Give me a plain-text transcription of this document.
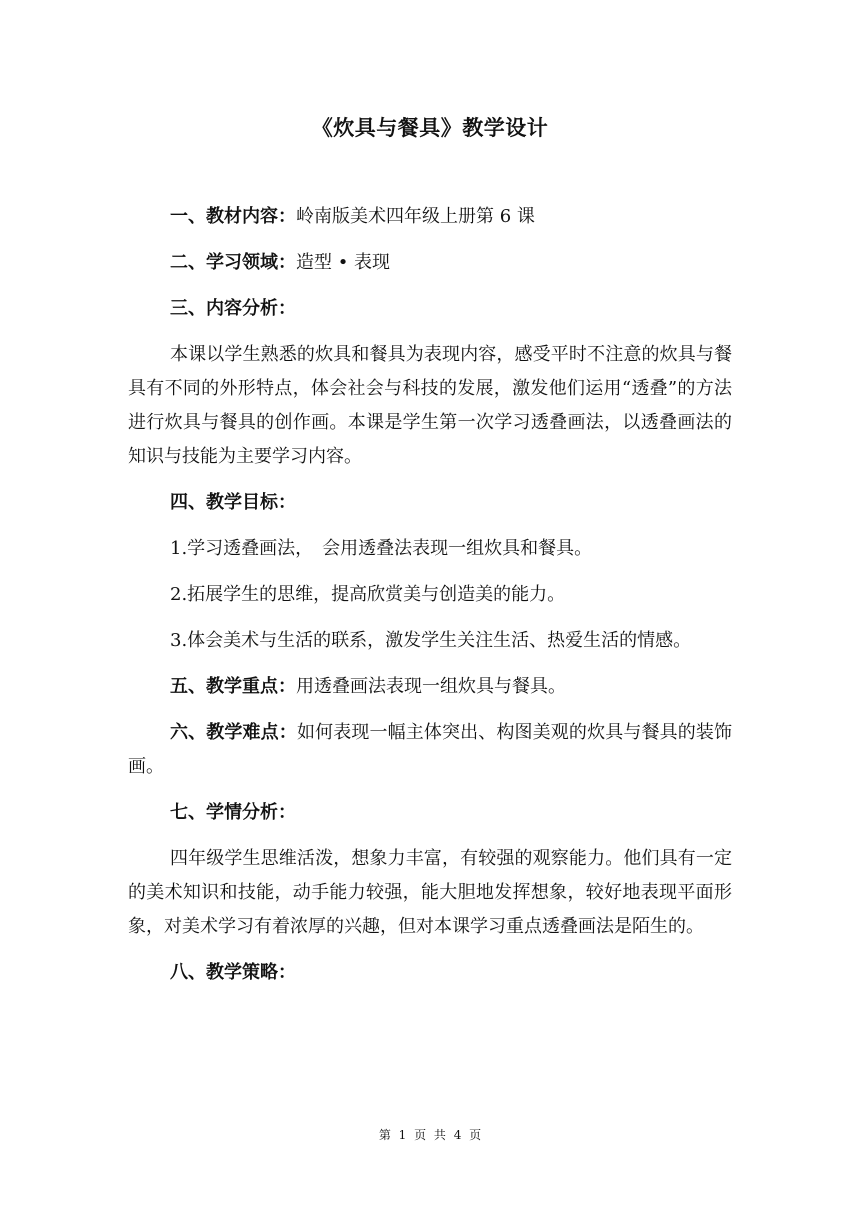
《炊具与餐具》教学设计

一、教材内容：岭南版美术四年级上册第 6 课

二、学习领域：造型 • 表现

三、内容分析：

本课以学生熟悉的炊具和餐具为表现内容，感受平时不注意的炊具与餐具有不同的外形特点，体会社会与科技的发展，激发他们运用“透叠”的方法进行炊具与餐具的创作画。本课是学生第一次学习透叠画法，以透叠画法的知识与技能为主要学习内容。

四、教学目标：

1.学习透叠画法，　会用透叠法表现一组炊具和餐具。

2.拓展学生的思维，提高欣赏美与创造美的能力。

3.体会美术与生活的联系，激发学生关注生活、热爱生活的情感。

五、教学重点：用透叠画法表现一组炊具与餐具。

六、教学难点：如何表现一幅主体突出、构图美观的炊具与餐具的装饰画。

七、学情分析：

四年级学生思维活泼，想象力丰富，有较强的观察能力。他们具有一定的美术知识和技能，动手能力较强，能大胆地发挥想象，较好地表现平面形象，对美术学习有着浓厚的兴趣，但对本课学习重点透叠画法是陌生的。

八、教学策略：

第 1 页 共 4 页
